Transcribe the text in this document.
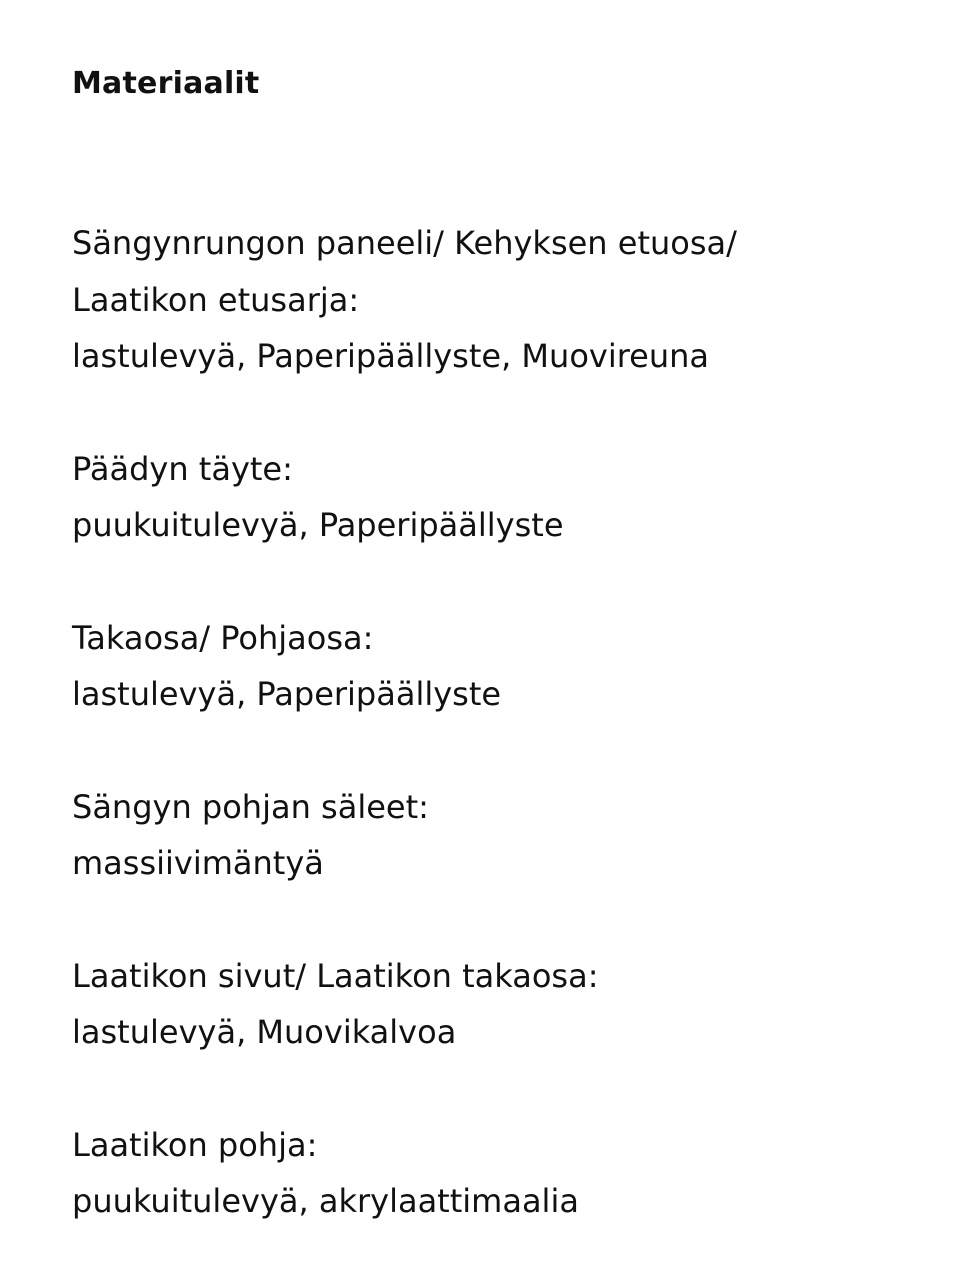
Materiaalit

Sängynrungon paneeli/ Kehyksen etuosa/

Laatikon etusarja:

lastulevyä, Paperipäällyste, Muovireuna

Päädyn täyte:

puukuitulevyä, Paperipäällyste

Takaosa/ Pohjaosa:

lastulevyä, Paperipäällyste

Sängyn pohjan säleet:

massiivimäntyä

Laatikon sivut/ Laatikon takaosa:

lastulevyä, Muovikalvoa

Laatikon pohja:

puukuitulevyä, akrylaattimaalia
